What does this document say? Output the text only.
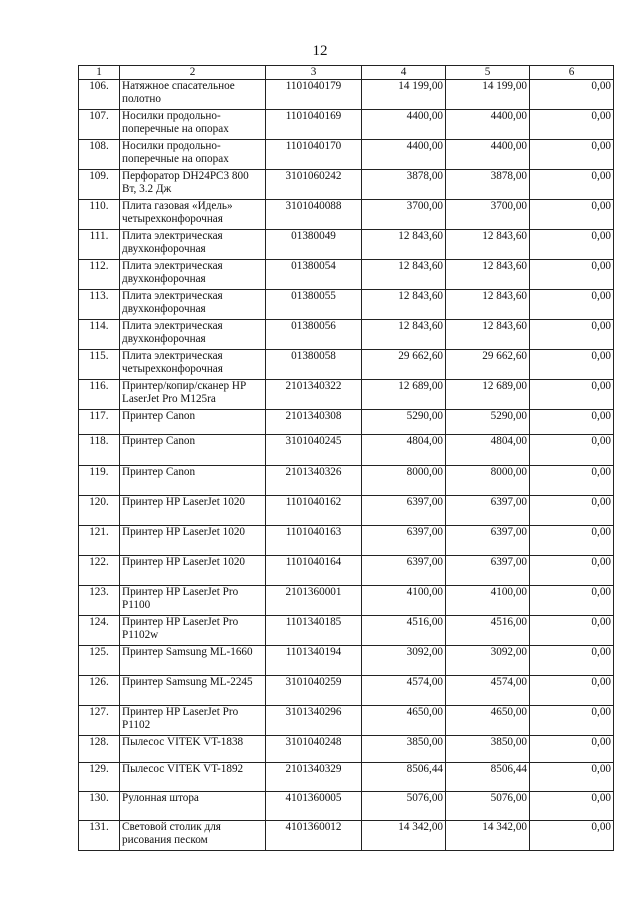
12
1	2	3	4	5	6
106.	Натяжное спасательное полотно	1101040179	14 199,00	14 199,00	0,00
107.	Носилки продольно-поперечные на опорах	1101040169	4400,00	4400,00	0,00
108.	Носилки продольно-поперечные на опорах	1101040170	4400,00	4400,00	0,00
109.	Перфоратор DH24PC3 800 Вт, 3.2 Дж	3101060242	3878,00	3878,00	0,00
110.	Плита газовая «Идель» четырехконфорочная	3101040088	3700,00	3700,00	0,00
111.	Плита электрическая двухконфорочная	01380049	12 843,60	12 843,60	0,00
112.	Плита электрическая двухконфорочная	01380054	12 843,60	12 843,60	0,00
113.	Плита электрическая двухконфорочная	01380055	12 843,60	12 843,60	0,00
114.	Плита электрическая двухконфорочная	01380056	12 843,60	12 843,60	0,00
115.	Плита электрическая четырехконфорочная	01380058	29 662,60	29 662,60	0,00
116.	Принтер/копир/сканер HP LaserJet Pro M125ra	2101340322	12 689,00	12 689,00	0,00
117.	Принтер Canon	2101340308	5290,00	5290,00	0,00
118.	Принтер Canon	3101040245	4804,00	4804,00	0,00
119.	Принтер Canon	2101340326	8000,00	8000,00	0,00
120.	Принтер HP LaserJet 1020	1101040162	6397,00	6397,00	0,00
121.	Принтер HP LaserJet 1020	1101040163	6397,00	6397,00	0,00
122.	Принтер HP LaserJet 1020	1101040164	6397,00	6397,00	0,00
123.	Принтер HP LaserJet Pro P1100	2101360001	4100,00	4100,00	0,00
124.	Принтер HP LaserJet Pro P1102w	1101340185	4516,00	4516,00	0,00
125.	Принтер Samsung ML-1660	1101340194	3092,00	3092,00	0,00
126.	Принтер Samsung ML-2245	3101040259	4574,00	4574,00	0,00
127.	Принтер HP LaserJet Pro P1102	3101340296	4650,00	4650,00	0,00
128.	Пылесос VITEK VT-1838	3101040248	3850,00	3850,00	0,00
129.	Пылесос VITEK VT-1892	2101340329	8506,44	8506,44	0,00
130.	Рулонная штора	4101360005	5076,00	5076,00	0,00
131.	Световой столик для рисования песком	4101360012	14 342,00	14 342,00	0,00
